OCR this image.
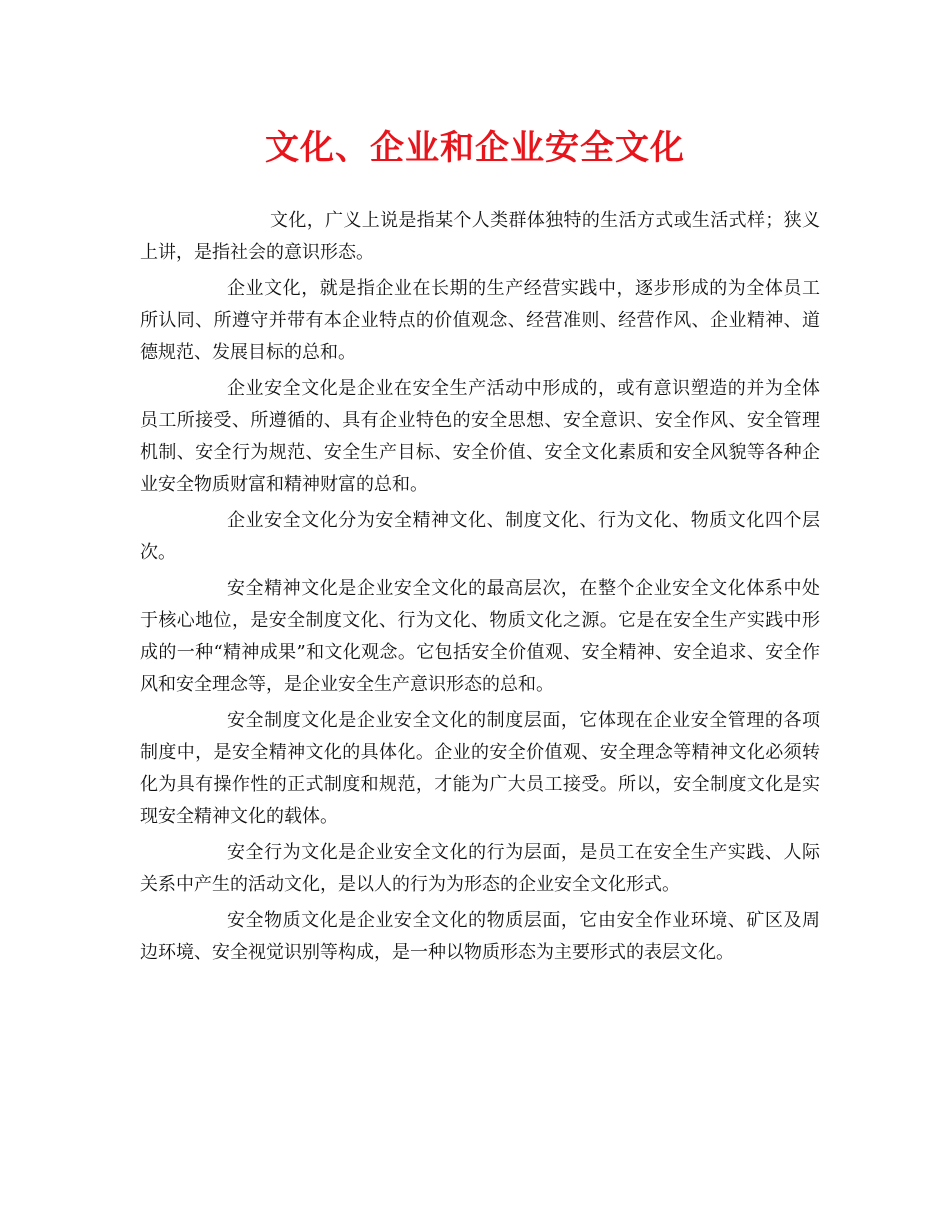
文化、企业和企业安全文化

文化，广义上说是指某个人类群体独特的生活方式或生活式样；狭义上讲，是指社会的意识形态。

企业文化，就是指企业在长期的生产经营实践中，逐步形成的为全体员工所认同、所遵守并带有本企业特点的价值观念、经营准则、经营作风、企业精神、道德规范、发展目标的总和。

企业安全文化是企业在安全生产活动中形成的，或有意识塑造的并为全体员工所接受、所遵循的、具有企业特色的安全思想、安全意识、安全作风、安全管理机制、安全行为规范、安全生产目标、安全价值、安全文化素质和安全风貌等各种企业安全物质财富和精神财富的总和。

企业安全文化分为安全精神文化、制度文化、行为文化、物质文化四个层次。

安全精神文化是企业安全文化的最高层次，在整个企业安全文化体系中处于核心地位，是安全制度文化、行为文化、物质文化之源。它是在安全生产实践中形成的一种“精神成果”和文化观念。它包括安全价值观、安全精神、安全追求、安全作风和安全理念等，是企业安全生产意识形态的总和。

安全制度文化是企业安全文化的制度层面，它体现在企业安全管理的各项制度中，是安全精神文化的具体化。企业的安全价值观、安全理念等精神文化必须转化为具有操作性的正式制度和规范，才能为广大员工接受。所以，安全制度文化是实现安全精神文化的载体。

安全行为文化是企业安全文化的行为层面，是员工在安全生产实践、人际关系中产生的活动文化，是以人的行为为形态的企业安全文化形式。

安全物质文化是企业安全文化的物质层面，它由安全作业环境、矿区及周边环境、安全视觉识别等构成，是一种以物质形态为主要形式的表层文化。
